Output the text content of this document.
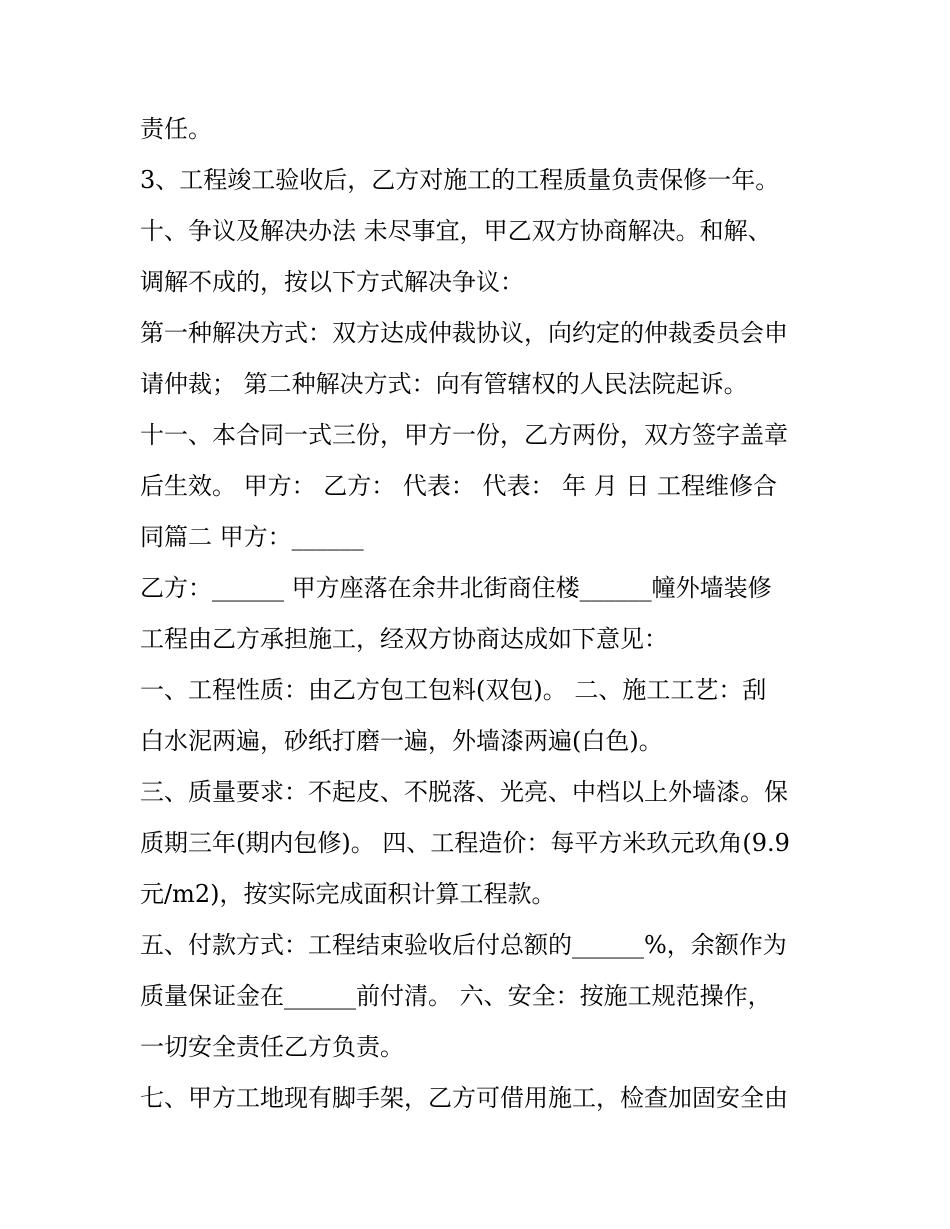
责任。

3、工程竣工验收后，乙方对施工的工程质量负责保修一年。

十、争议及解决办法 未尽事宜，甲乙双方协商解决。和解、

调解不成的，按以下方式解决争议：

第一种解决方式：双方达成仲裁协议，向约定的仲裁委员会申

请仲裁； 第二种解决方式：向有管辖权的人民法院起诉。

十一、本合同一式三份，甲方一份，乙方两份，双方签字盖章

后生效。 甲方： 乙方： 代表： 代表： 年 月 日 工程维修合

同篇二 甲方：______

乙方：______ 甲方座落在余井北街商住楼______幢外墙装修

工程由乙方承担施工，经双方协商达成如下意见：

一、工程性质：由乙方包工包料(双包)。 二、施工工艺：刮

白水泥两遍，砂纸打磨一遍，外墙漆两遍(白色)。

三、质量要求：不起皮、不脱落、光亮、中档以上外墙漆。保

质期三年(期内包修)。 四、工程造价：每平方米玖元玖角(9.9

元/m2)，按实际完成面积计算工程款。

五、付款方式：工程结束验收后付总额的______%，余额作为

质量保证金在______前付清。 六、安全：按施工规范操作，

一切安全责任乙方负责。

七、甲方工地现有脚手架，乙方可借用施工，检查加固安全由
